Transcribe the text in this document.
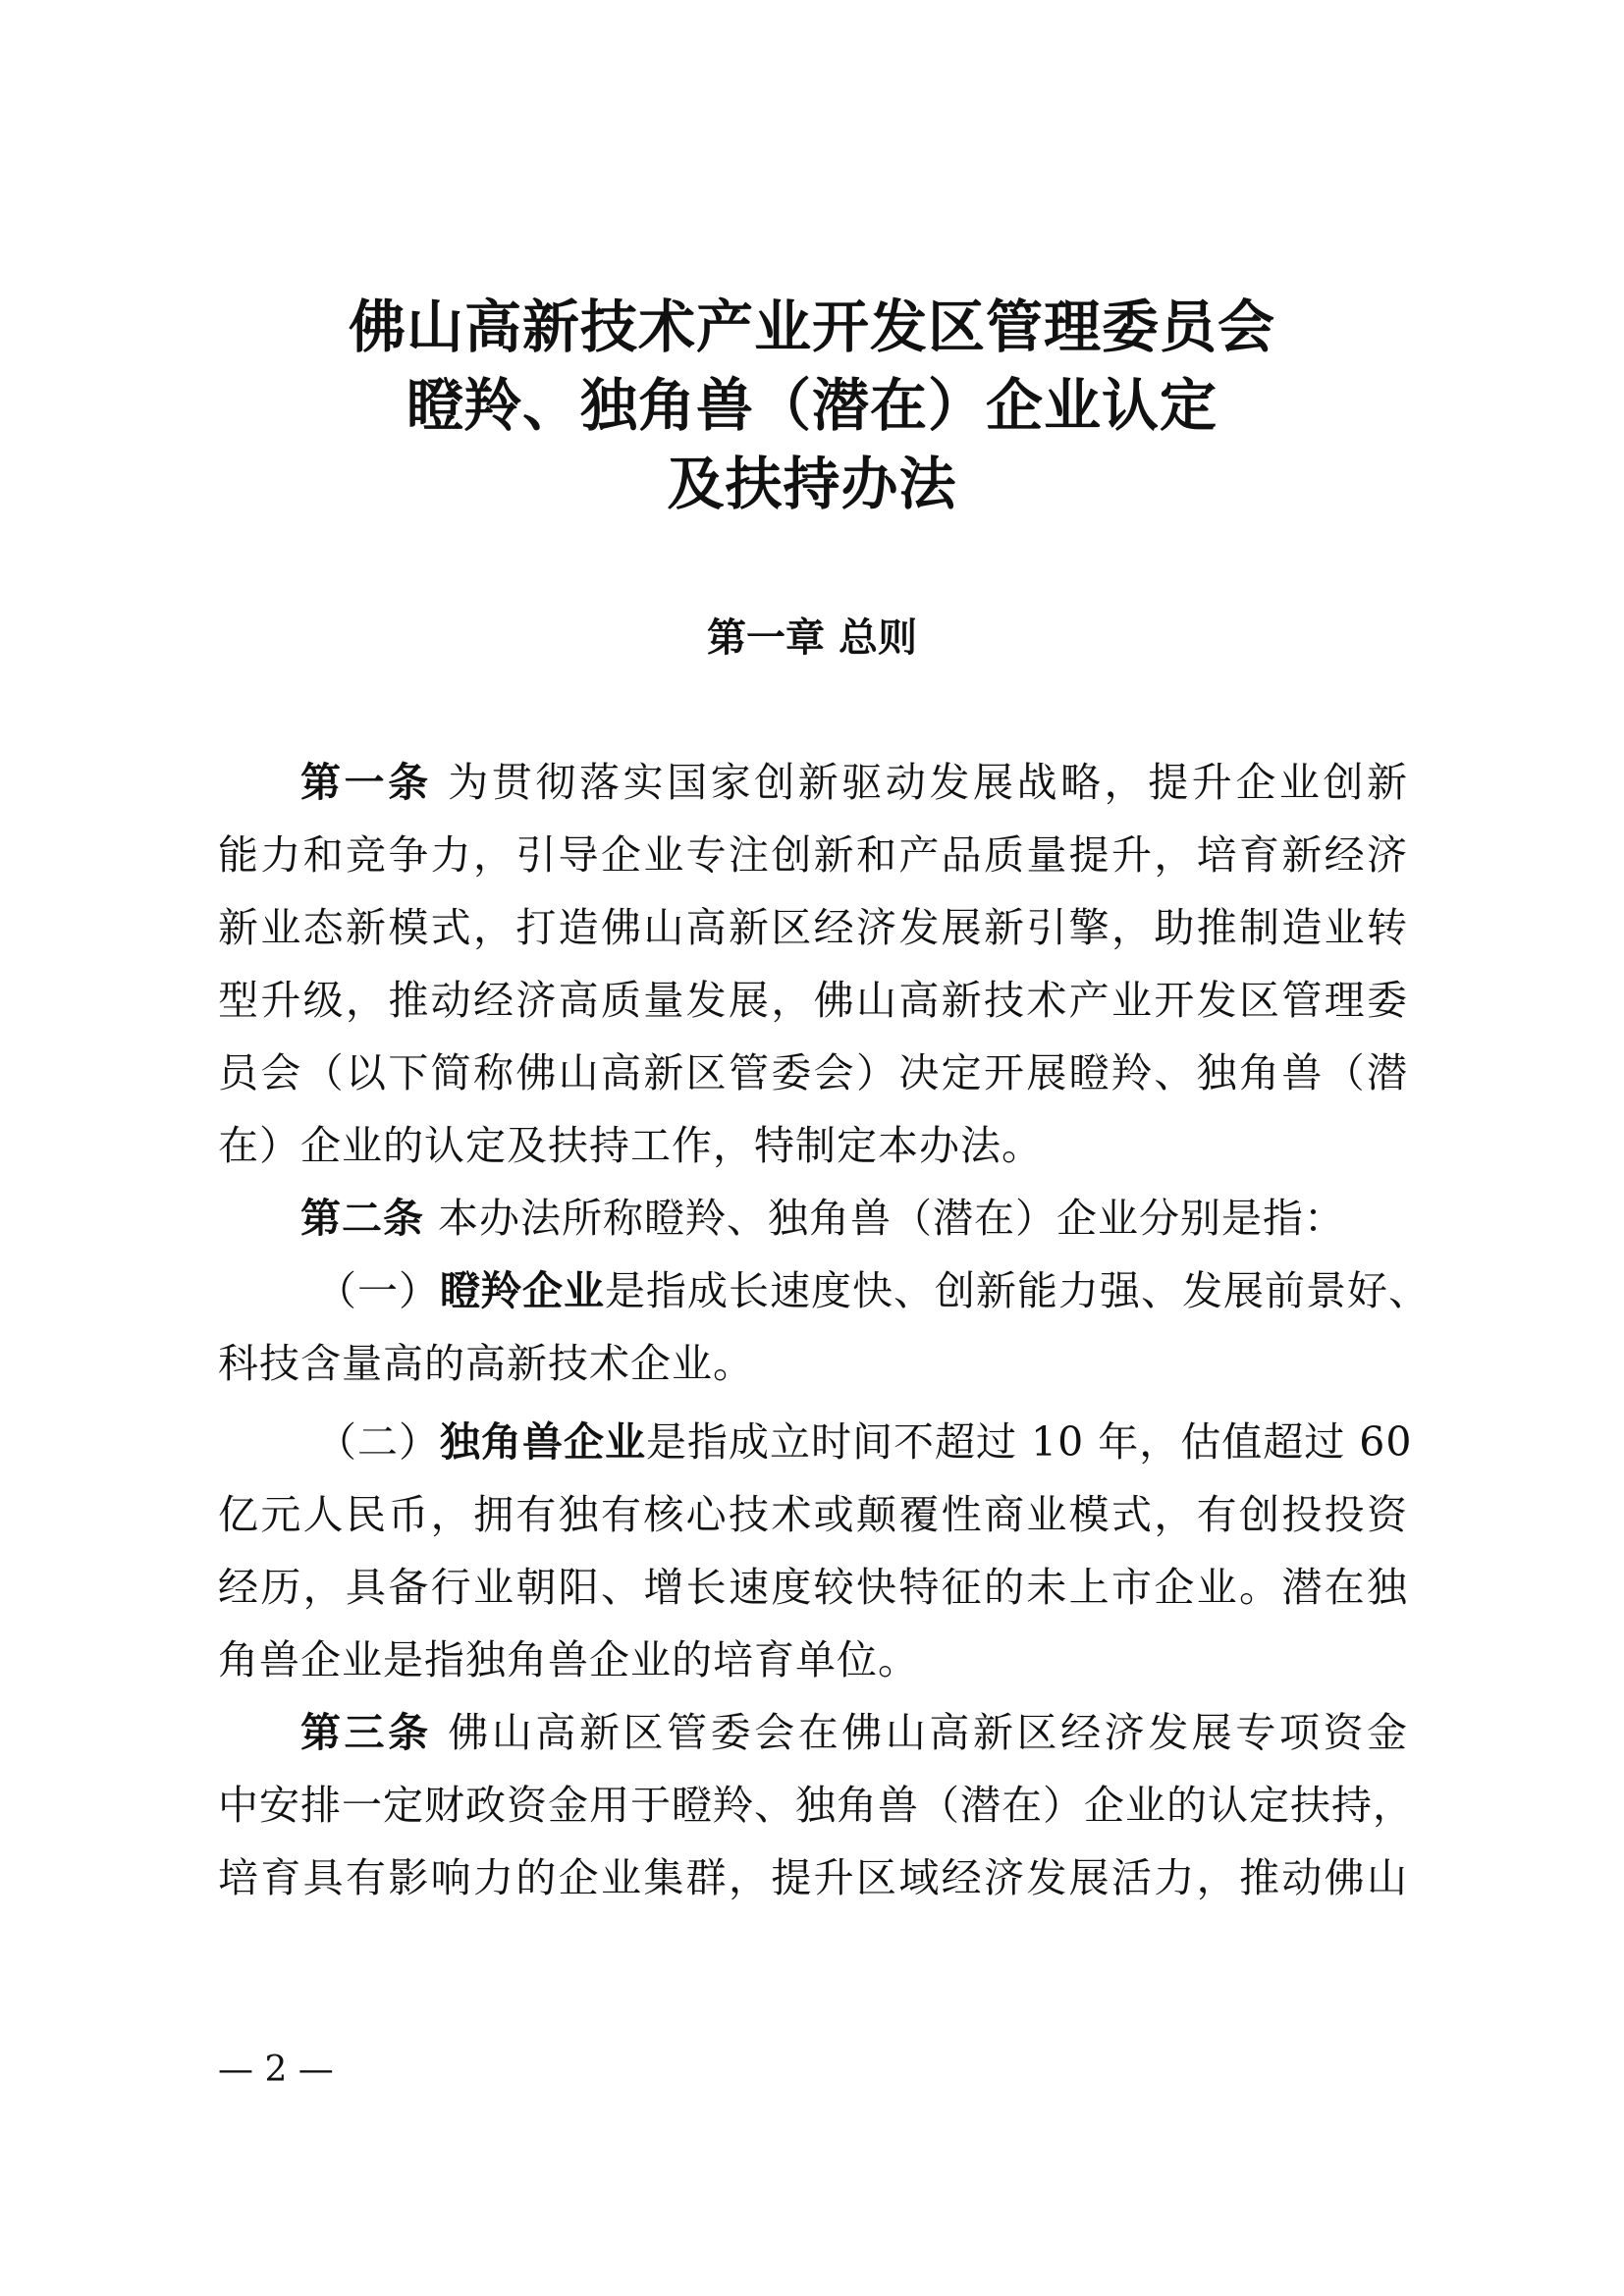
佛山高新技术产业开发区管理委员会
瞪羚、独角兽（潜在）企业认定
及扶持办法
第一章 总则

第一条 为贯彻落实国家创新驱动发展战略，提升企业创新

能力和竞争力，引导企业专注创新和产品质量提升，培育新经济

新业态新模式，打造佛山高新区经济发展新引擎，助推制造业转

型升级，推动经济高质量发展，佛山高新技术产业开发区管理委

员会（以下简称佛山高新区管委会）决定开展瞪羚、独角兽（潜

在）企业的认定及扶持工作，特制定本办法。

第二条 本办法所称瞪羚、独角兽（潜在）企业分别是指：

（一）瞪羚企业是指成长速度快、创新能力强、发展前景好、

科技含量高的高新技术企业。

（二）独角兽企业是指成立时间不超过 10 年，估值超过 60

亿元人民币，拥有独有核心技术或颠覆性商业模式，有创投投资

经历，具备行业朝阳、增长速度较快特征的未上市企业。潜在独

角兽企业是指独角兽企业的培育单位。

第三条 佛山高新区管委会在佛山高新区经济发展专项资金

中安排一定财政资金用于瞪羚、独角兽（潜在）企业的认定扶持，

培育具有影响力的企业集群，提升区域经济发展活力，推动佛山

— 2 —
